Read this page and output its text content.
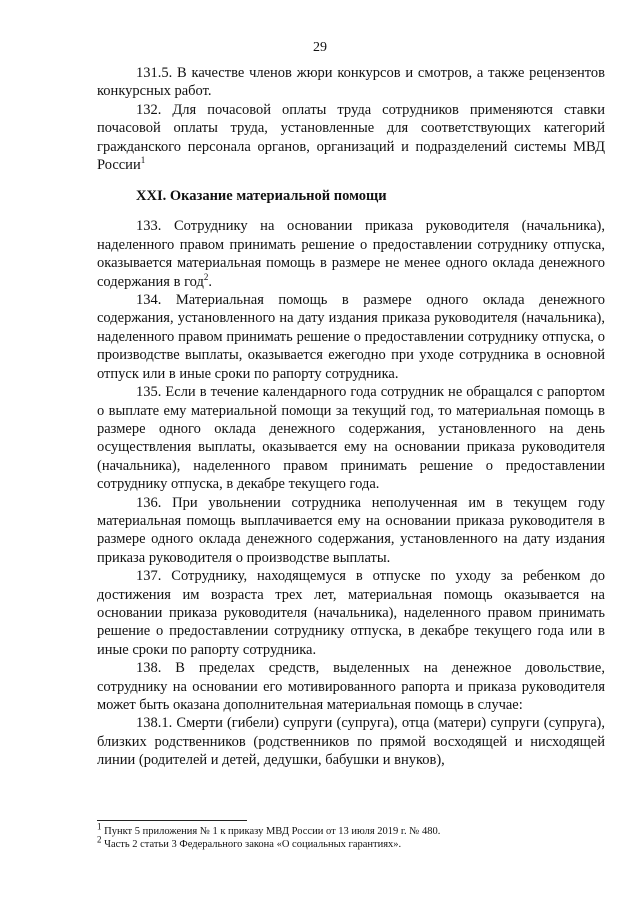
29

131.5. В качестве членов жюри конкурсов и смотров, а также рецензентов конкурсных работ.

132. Для почасовой оплаты труда сотрудников применяются ставки почасовой оплаты труда, установленные для соответствующих категорий гражданского персонала органов, организаций и подразделений системы МВД России$^1$

XXI. Оказание материальной помощи

133. Сотруднику на основании приказа руководителя (начальника), наделенного правом принимать решение о предоставлении сотруднику отпуска, оказывается материальная помощь в размере не менее одного оклада денежного содержания в год$^2$.

134. Материальная помощь в размере одного оклада денежного содержания, установленного на дату издания приказа руководителя (начальника), наделенного правом принимать решение о предоставлении сотруднику отпуска, о производстве выплаты, оказывается ежегодно при уходе сотрудника в основной отпуск или в иные сроки по рапорту сотрудника.

135. Если в течение календарного года сотрудник не обращался с рапортом о выплате ему материальной помощи за текущий год, то материальная помощь в размере одного оклада денежного содержания, установленного на день осуществления выплаты, оказывается ему на основании приказа руководителя (начальника), наделенного правом принимать решение о предоставлении сотруднику отпуска, в декабре текущего года.

136. При увольнении сотрудника неполученная им в текущем году материальная помощь выплачивается ему на основании приказа руководителя в размере одного оклада денежного содержания, установленного на дату издания приказа руководителя о производстве выплаты.

137. Сотруднику, находящемуся в отпуске по уходу за ребенком до достижения им возраста трех лет, материальная помощь оказывается на основании приказа руководителя (начальника), наделенного правом принимать решение о предоставлении сотруднику отпуска, в декабре текущего года или в иные сроки по рапорту сотрудника.

138. В пределах средств, выделенных на денежное довольствие, сотруднику на основании его мотивированного рапорта и приказа руководителя может быть оказана дополнительная материальная помощь в случае:

138.1. Смерти (гибели) супруги (супруга), отца (матери) супруги (супруга), близких родственников (родственников по прямой восходящей и нисходящей линии (родителей и детей, дедушки, бабушки и внуков),

$^1$ Пункт 5 приложения № 1 к приказу МВД России от 13 июля 2019 г. № 480.
$^2$ Часть 2 статьи 3 Федерального закона «О социальных гарантиях».
